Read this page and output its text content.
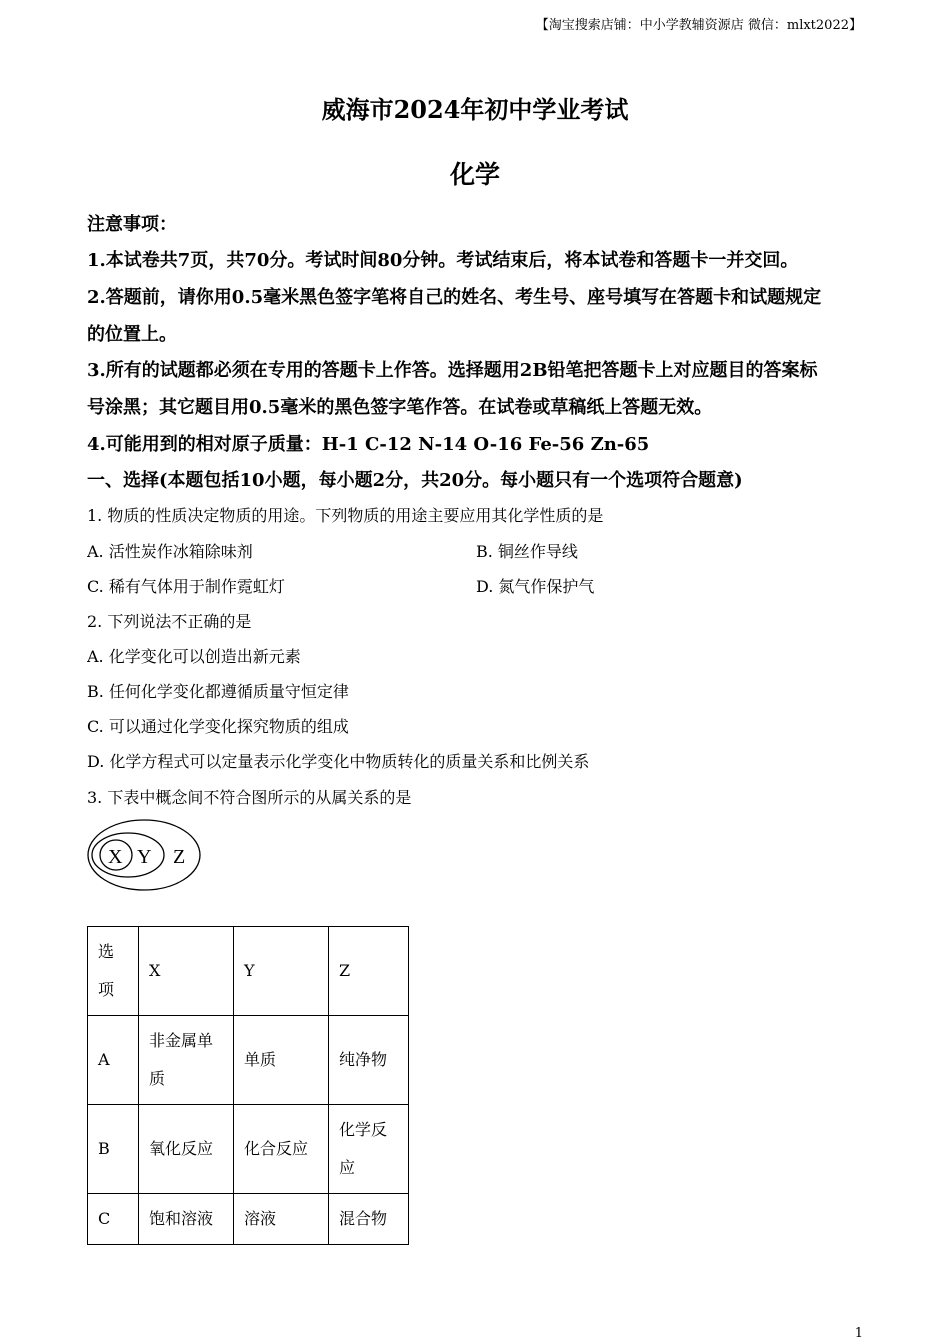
【淘宝搜索店铺：中小学教辅资源店 微信：mlxt2022】
威海市2024年初中学业考试
化学
注意事项：
1.本试卷共7页，共70分。考试时间80分钟。考试结束后，将本试卷和答题卡一并交回。
2.答题前，请你用0.5毫米黑色签字笔将自己的姓名、考生号、座号填写在答题卡和试题规定
的位置上。
3.所有的试题都必须在专用的答题卡上作答。选择题用2B铅笔把答题卡上对应题目的答案标
号涂黑；其它题目用0.5毫米的黑色签字笔作答。在试卷或草稿纸上答题无效。
4.可能用到的相对原子质量：H-1 C-12 N-14 O-16 Fe-56 Zn-65
一、选择(本题包括10小题，每小题2分，共20分。每小题只有一个选项符合题意)
1. 物质的性质决定物质的用途。下列物质的用途主要应用其化学性质的是
A. 活性炭作冰箱除味剂	B. 铜丝作导线
C. 稀有气体用于制作霓虹灯	D. 氮气作保护气
2. 下列说法不正确的是
A. 化学变化可以创造出新元素
B. 任何化学变化都遵循质量守恒定律
C. 可以通过化学变化探究物质的组成
D. 化学方程式可以定量表示化学变化中物质转化的质量关系和比例关系
3. 下表中概念间不符合图所示的从属关系的是
X Y Z
选项	X	Y	Z
A	非金属单质	单质	纯净物
B	氧化反应	化合反应	化学反应
C	饱和溶液	溶液	混合物
1
